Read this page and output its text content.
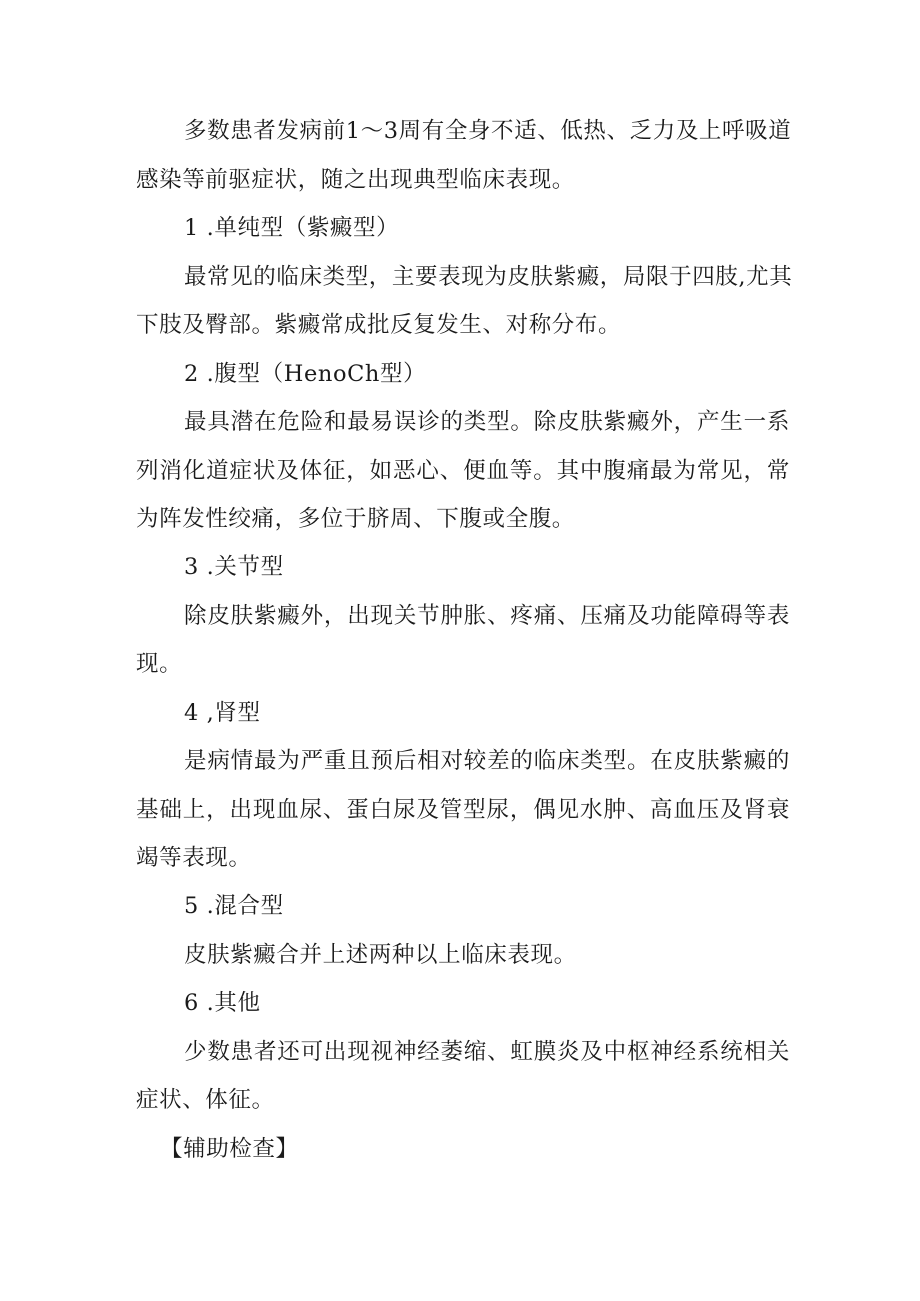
多数患者发病前1～3周有全身不适、低热、乏力及上呼吸道
感染等前驱症状，随之出现典型临床表现。
1 .单纯型（紫癜型）
最常见的临床类型，主要表现为皮肤紫癜，局限于四肢,尤其
下肢及臀部。紫癜常成批反复发生、对称分布。
2 .腹型（HenoCh型）
最具潜在危险和最易误诊的类型。除皮肤紫癜外，产生一系
列消化道症状及体征，如恶心、便血等。其中腹痛最为常见，常
为阵发性绞痛，多位于脐周、下腹或全腹。
3 .关节型
除皮肤紫癜外，出现关节肿胀、疼痛、压痛及功能障碍等表
现。
4 ,肾型
是病情最为严重且预后相对较差的临床类型。在皮肤紫癜的
基础上，出现血尿、蛋白尿及管型尿，偶见水肿、高血压及肾衰
竭等表现。
5 .混合型
皮肤紫癜合并上述两种以上临床表现。
6 .其他
少数患者还可出现视神经萎缩、虹膜炎及中枢神经系统相关
症状、体征。
【辅助检查】
